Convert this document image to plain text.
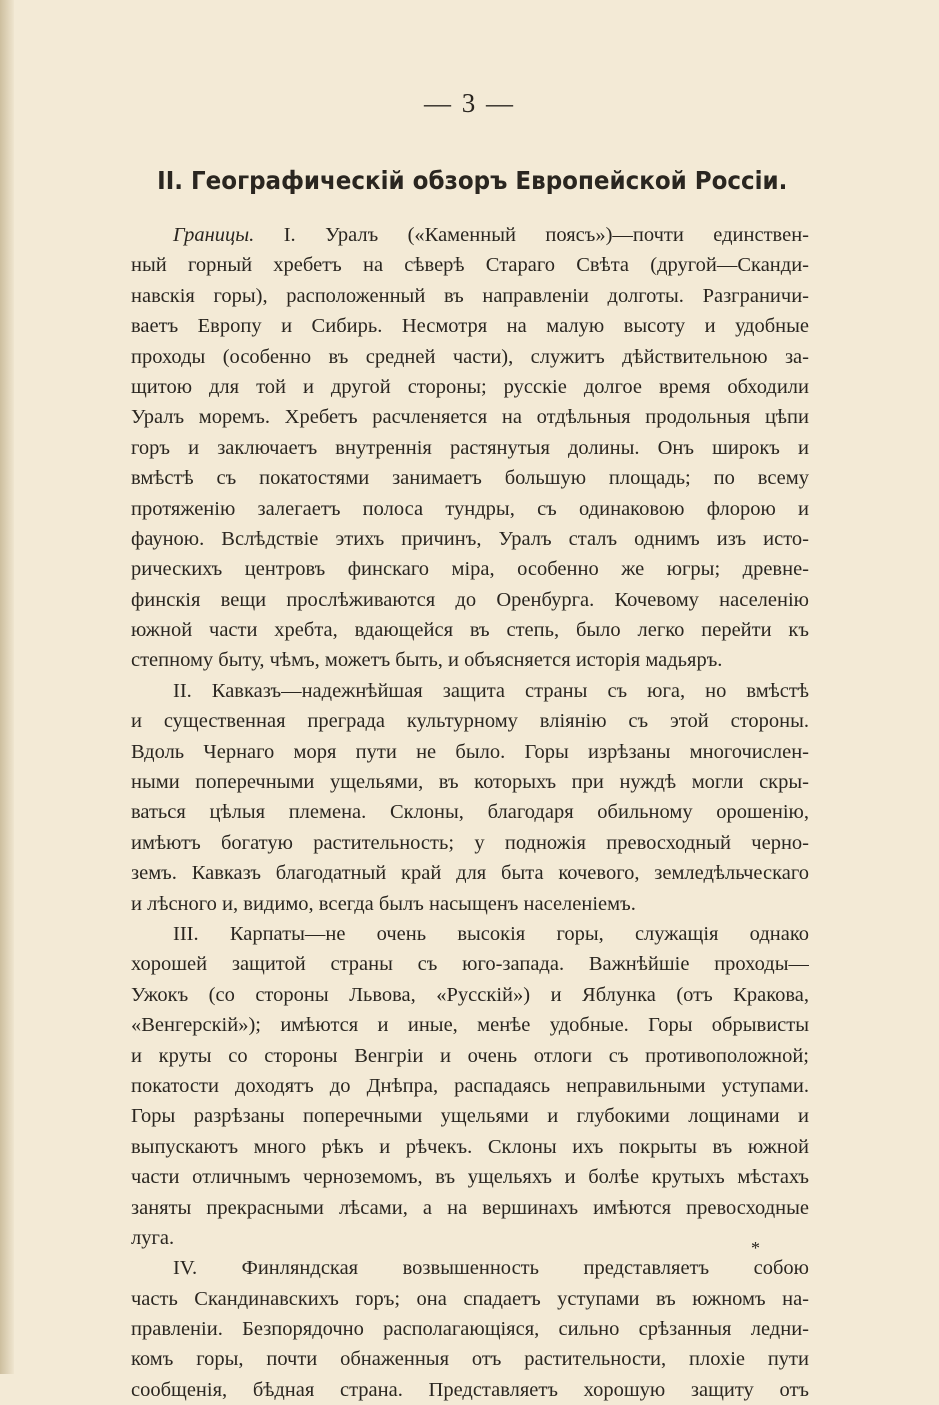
— 3 —
II. Географическій обзоръ Европейской Россіи.
Границы. I. Уралъ («Каменный поясъ»)—почти единствен-
ный горный хребетъ на сѣверѣ Стараго Свѣта (другой—Сканди-
навскія горы), расположенный въ направленіи долготы. Разграничи-
ваетъ Европу и Сибирь. Несмотря на малую высоту и удобные
проходы (особенно въ средней части), служитъ дѣйствительною за-
щитою для той и другой стороны; русскіе долгое время обходили
Уралъ моремъ. Хребетъ расчленяется на отдѣльныя продольныя цѣпи
горъ и заключаетъ внутреннія растянутыя долины. Онъ широкъ и
вмѣстѣ съ покатостями занимаетъ большую площадь; по всему
протяженію залегаетъ полоса тундры, съ одинаковою флорою и
фауною. Вслѣдствіе этихъ причинъ, Уралъ сталъ однимъ изъ исто-
рическихъ центровъ финскаго міра, особенно же югры; древне-
финскія вещи прослѣживаются до Оренбурга. Кочевому населенію
южной части хребта, вдающейся въ степь, было легко перейти къ
степному быту, чѣмъ, можетъ быть, и объясняется исторія мадьяръ.
II. Кавказъ—надежнѣйшая защита страны съ юга, но вмѣстѣ
и существенная преграда культурному вліянію съ этой стороны.
Вдоль Чернаго моря пути не было. Горы изрѣзаны многочислен-
ными поперечными ущельями, въ которыхъ при нуждѣ могли скры-
ваться цѣлыя племена. Склоны, благодаря обильному орошенію,
имѣютъ богатую растительность; у подножія превосходный черно-
земъ. Кавказъ благодатный край для быта кочевого, земледѣльческаго
и лѣсного и, видимо, всегда былъ насыщенъ населеніемъ.
III. Карпаты—не очень высокія горы, служащія однако
хорошей защитой страны съ юго-запада. Важнѣйшіе проходы—
Ужокъ (со стороны Львова, «Русскій») и Яблунка (отъ Кракова,
«Венгерскій»); имѣются и иные, менѣе удобные. Горы обрывисты
и круты со стороны Венгріи и очень отлоги съ противоположной;
покатости доходятъ до Днѣпра, распадаясь неправильными уступами.
Горы разрѣзаны поперечными ущельями и глубокими лощинами и
выпускаютъ много рѣкъ и рѣчекъ. Склоны ихъ покрыты въ южной
части отличнымъ черноземомъ, въ ущельяхъ и болѣе крутыхъ мѣстахъ
заняты прекрасными лѣсами, а на вершинахъ имѣются превосходные
луга.
IV. Финляндская возвышенность представляетъ собою
часть Скандинавскихъ горъ; она спадаетъ уступами въ южномъ на-
правленіи. Безпорядочно располагающіяся, сильно срѣзанныя ледни-
комъ горы, почти обнаженныя отъ растительности, плохіе пути
сообщенія, бѣдная страна. Представляетъ хорошую защиту отъ
*
